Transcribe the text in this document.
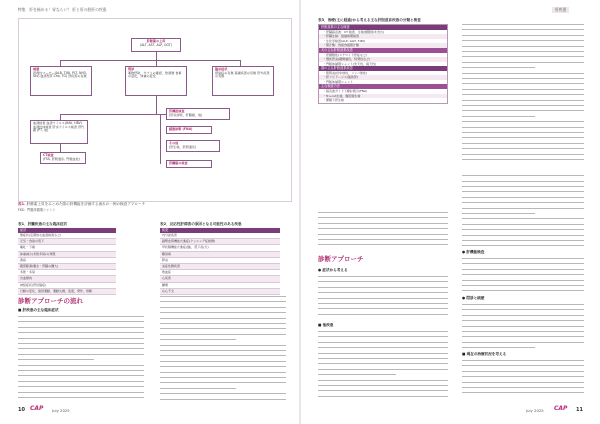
特集　肝を極める！胃ならい？ 肝と肝の胆肝の疾患	肝疾患
肝酵素の上昇
(ALT, AST, ALP, GGT)
病歴
肝毒性マーカー(ALB, T-Bil, PLT, NH3, Glu) 血清型(T-Cho, TG) 肝疾患の有無
問診
薬物摂取，サプリの確認，飲酒歴 食事の変化，体重の変化
臨床症状
感染症の有無 基礎疾患の有無 肝外疾患の有無
血清検査 血清ウイルス(HAV, HBV) 血清抗体検査 肝炎ウイルス検査 肝代謝 (PT, 他)
CT検査
(FSS, 肝胆道系, 門脈血栓)
肝機能検査
(肝炎診断，肝臓癌，他)
細胞診断 (FNA)
その他
(肝生検，肝胆道系)
肝臓癌の検査
図1. 肝酵素上昇をみとめた際の肝機能を評価する流れの一例の検査アプローチ
FSS：門脈体循環シャント
表1．肝臓疾患の主な臨床症状
症状
無症状(定期的な血液検査など)
元気・食欲の低下
嘔吐・下痢
体重減少(多飲多尿)の発現
黄疸
腹部膨満(腹水・肝臓の腫大)
多飲・多尿
出血傾向
神経症状(肝性脳症)
行動の変化，旋回運動，運動失調，流涎，発作，昏睡
表2．反応性肝障害の原因となる可能性のある疾患
疾患
内分泌疾患
副腎皮質機能亢進症(クッシング症候群)
甲状腺機能亢進症(猫)，低下症(犬)
糖尿病
膵炎
炎症性腸疾患
敗血症
心疾患
腫瘍
右心不全
診断アプローチの流れ
■ 肝疾患の主な臨床症状
表3．治療(主に経過)から考える主な肝胆道系疾患の分類と検査
肝胆道系の主な検査
・肝臓超音波：CT 検査，生検(細胞診を含む)
・肝臓生検：組織病理検査
・生化学検査(ALP, GGT, T-Bil)
・胆汁酸：食前食後胆汁酸
犬の主な肝胆道系疾患
・肝細胞性(ステロイド肝症など)
・慢性肝炎(銅関連性，特発性など)
・門脈体循環シャント(先天性，後天性)
猫の主な肝胆道系疾患
・胆管炎(好中球性，リンパ球性)
・肝リピドーシス(脂肪肝)
・門脈体循環シャント
主な検査方法
・超音波ガイド下細針吸引(FNA)
・Tru-cut生検，腹腔鏡生検
・開腹下肝生検
診断アプローチ
● 症状から考える
■ 他疾患
● 肝機能検査
● 問診と病歴
■ 現在の治療状況を考える
10 CAP July 2025	July 2025 CAP 11
